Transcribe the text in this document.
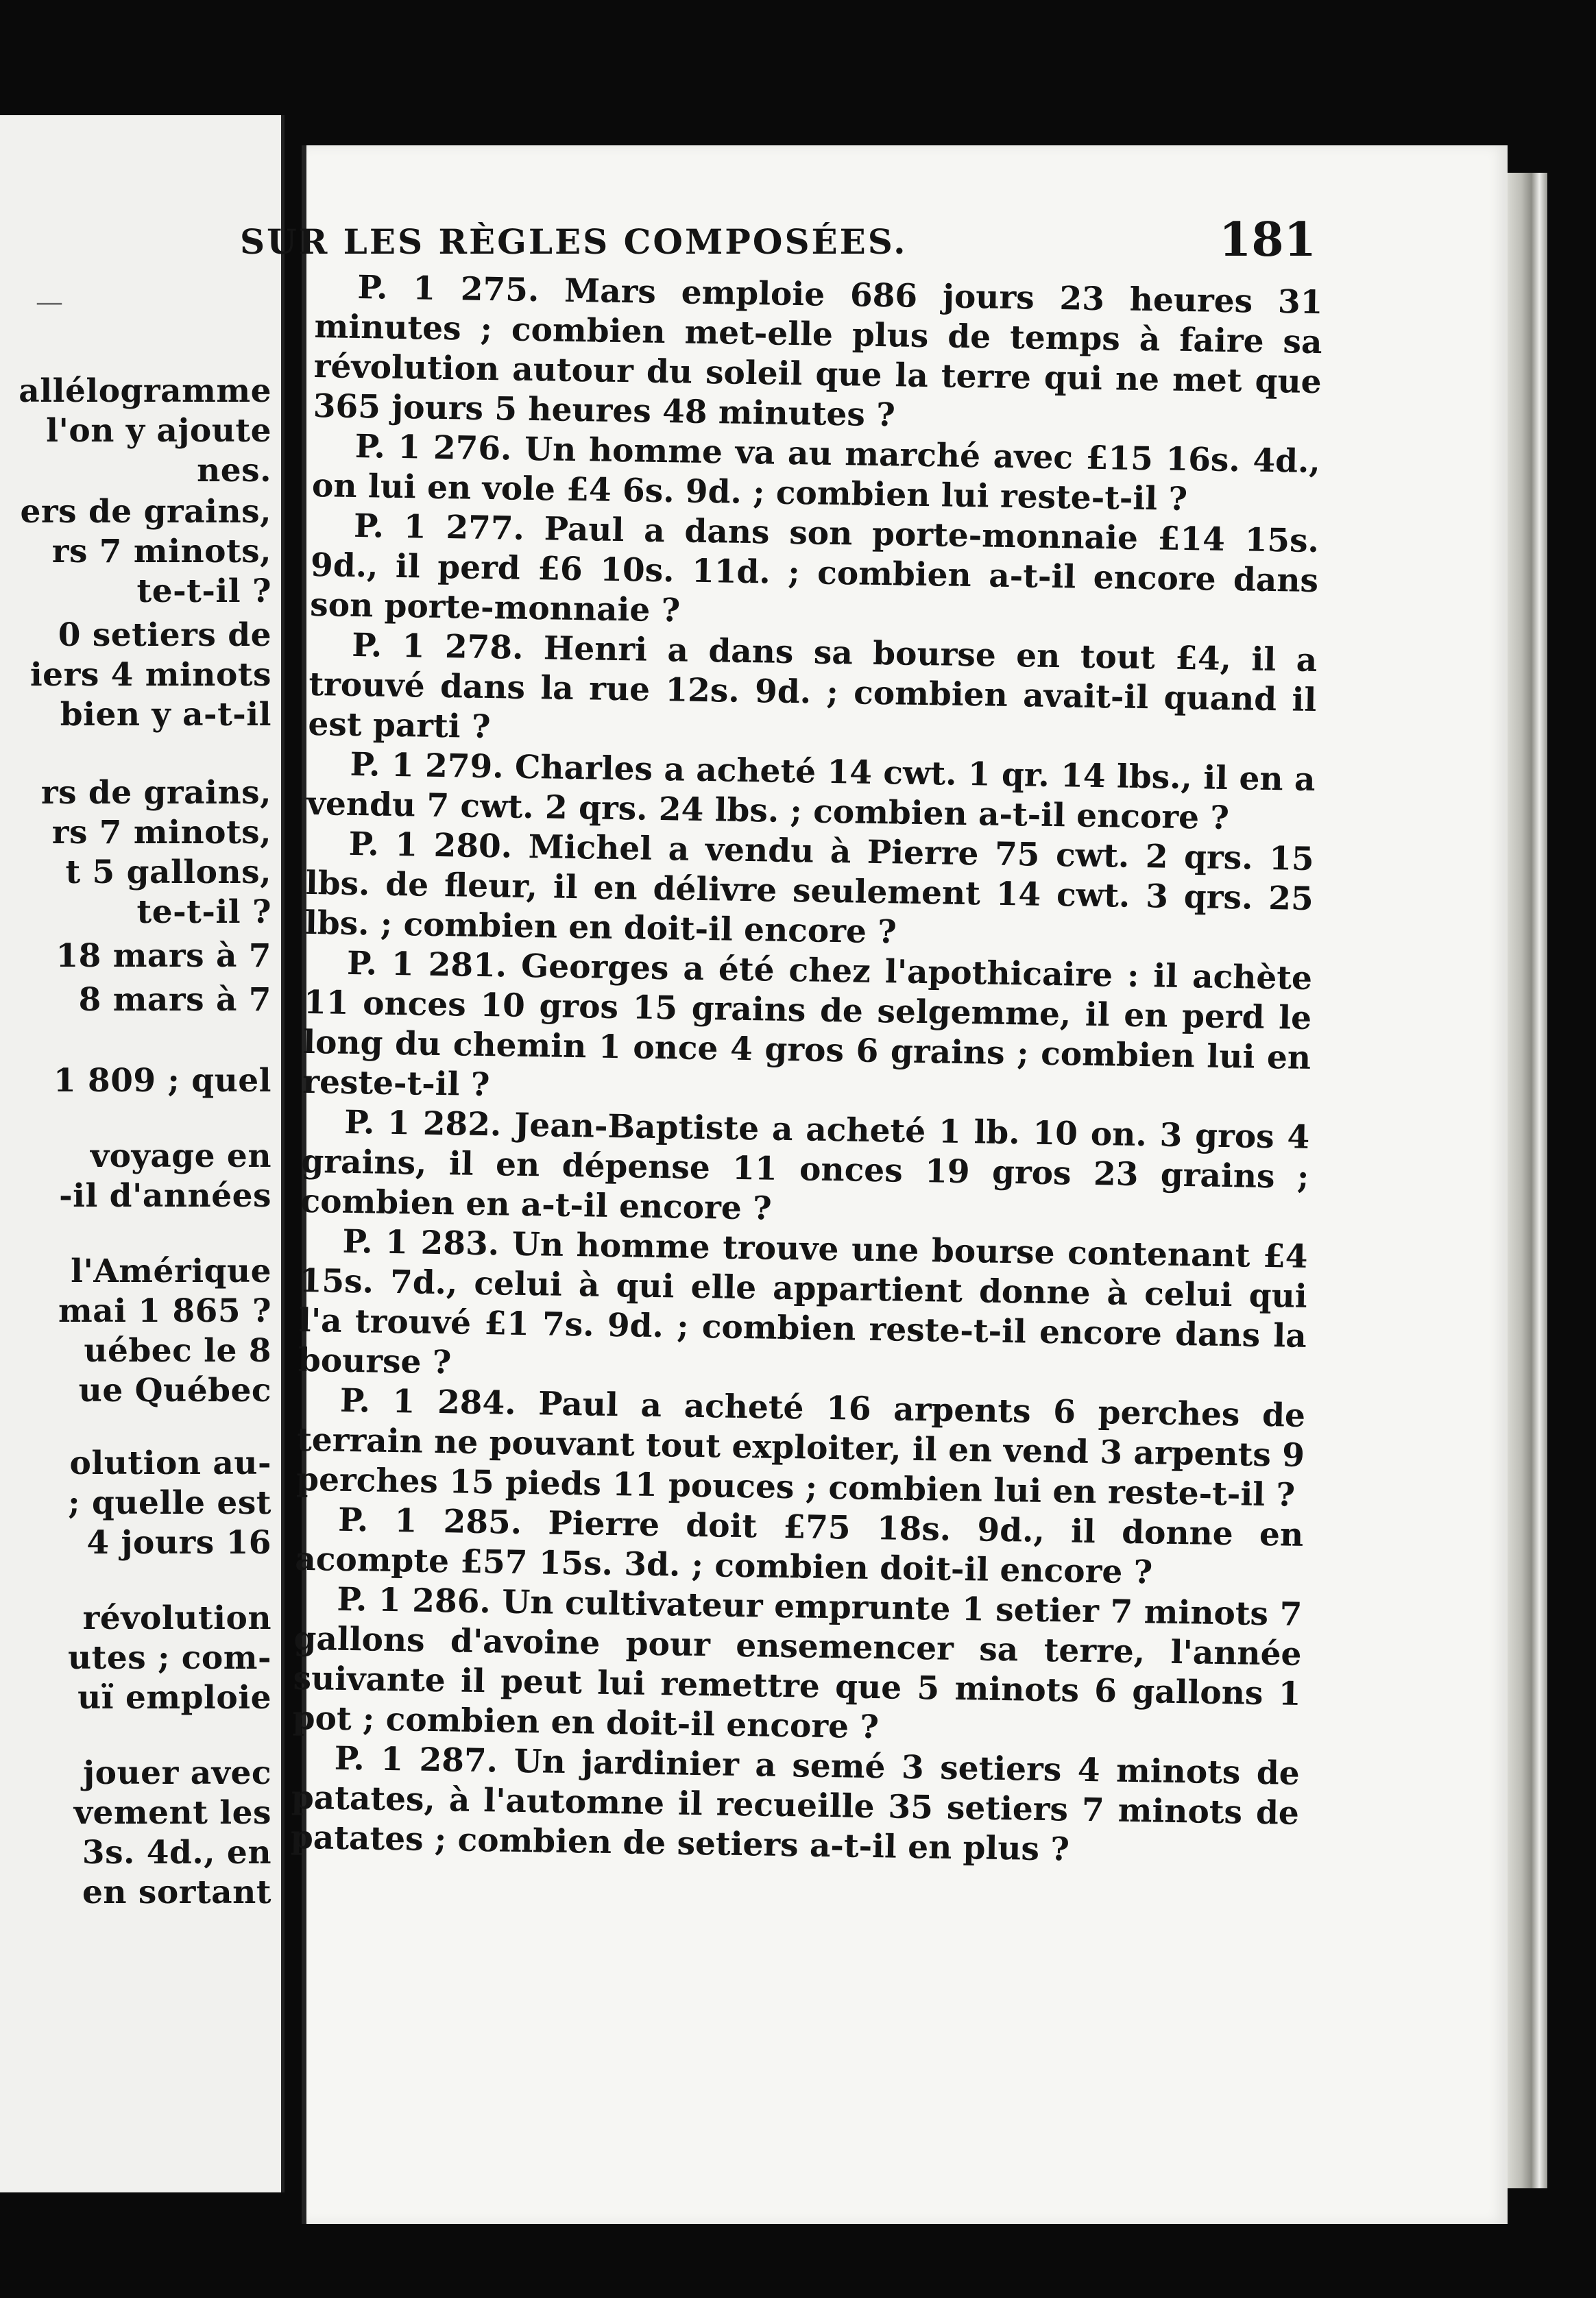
—
allélogramme
l'on y ajoute
nes.
ers de grains,
rs 7 minots,
te-t-il ?
0 setiers de
iers 4 minots
bien y a-t-il
rs de grains,
rs 7 minots,
t 5 gallons,
te-t-il ?
18 mars à 7
8 mars à 7
1 809 ; quel
voyage en
-il d'années
l'Amérique
mai 1 865 ?
uébec le 8
ue Québec
olution au-
; quelle est
4 jours 16
révolution
utes ; com-
uï emploie
jouer avec
vement les
3s. 4d., en
en sortant
SUR LES RÈGLES COMPOSÉES.	181

P. 1 275. Mars emploie 686 jours 23 heures 31 minutes ; combien met-elle plus de temps à faire sa révolution autour du soleil que la terre qui ne met que 365 jours 5 heures 48 minutes ?

P. 1 276. Un homme va au marché avec £15 16s. 4d., on lui en vole £4 6s. 9d. ; combien lui reste-t-il ?

P. 1 277. Paul a dans son porte-monnaie £14 15s. 9d., il perd £6 10s. 11d. ; combien a-t-il encore dans son porte-monnaie ?

P. 1 278. Henri a dans sa bourse en tout £4, il a trouvé dans la rue 12s. 9d. ; combien avait-il quand il est parti ?

P. 1 279. Charles a acheté 14 cwt. 1 qr. 14 lbs., il en a vendu 7 cwt. 2 qrs. 24 lbs. ; combien a-t-il encore ?

P. 1 280. Michel a vendu à Pierre 75 cwt. 2 qrs. 15 lbs. de fleur, il en délivre seulement 14 cwt. 3 qrs. 25 lbs. ; combien en doit-il encore ?

P. 1 281. Georges a été chez l'apothicaire : il achète 11 onces 10 gros 15 grains de selgemme, il en perd le long du chemin 1 once 4 gros 6 grains ; combien lui en reste-t-il ?

P. 1 282. Jean-Baptiste a acheté 1 lb. 10 on. 3 gros 4 grains, il en dépense 11 onces 19 gros 23 grains ; combien en a-t-il encore ?

P. 1 283. Un homme trouve une bourse contenant £4 15s. 7d., celui à qui elle appartient donne à celui qui l'a trouvé £1 7s. 9d. ; combien reste-t-il encore dans la bourse ?

P. 1 284. Paul a acheté 16 arpents 6 perches de terrain ne pouvant tout exploiter, il en vend 3 arpents 9 perches 15 pieds 11 pouces ; combien lui en reste-t-il ?

P. 1 285. Pierre doit £75 18s. 9d., il donne en acompte £57 15s. 3d. ; combien doit-il encore ?

P. 1 286. Un cultivateur emprunte 1 setier 7 minots 7 gallons d'avoine pour ensemencer sa terre, l'année suivante il peut lui remettre que 5 minots 6 gallons 1 pot ; combien en doit-il encore ?

P. 1 287. Un jardinier a semé 3 setiers 4 minots de patates, à l'automne il recueille 35 setiers 7 minots de patates ; combien de setiers a-t-il en plus ?
